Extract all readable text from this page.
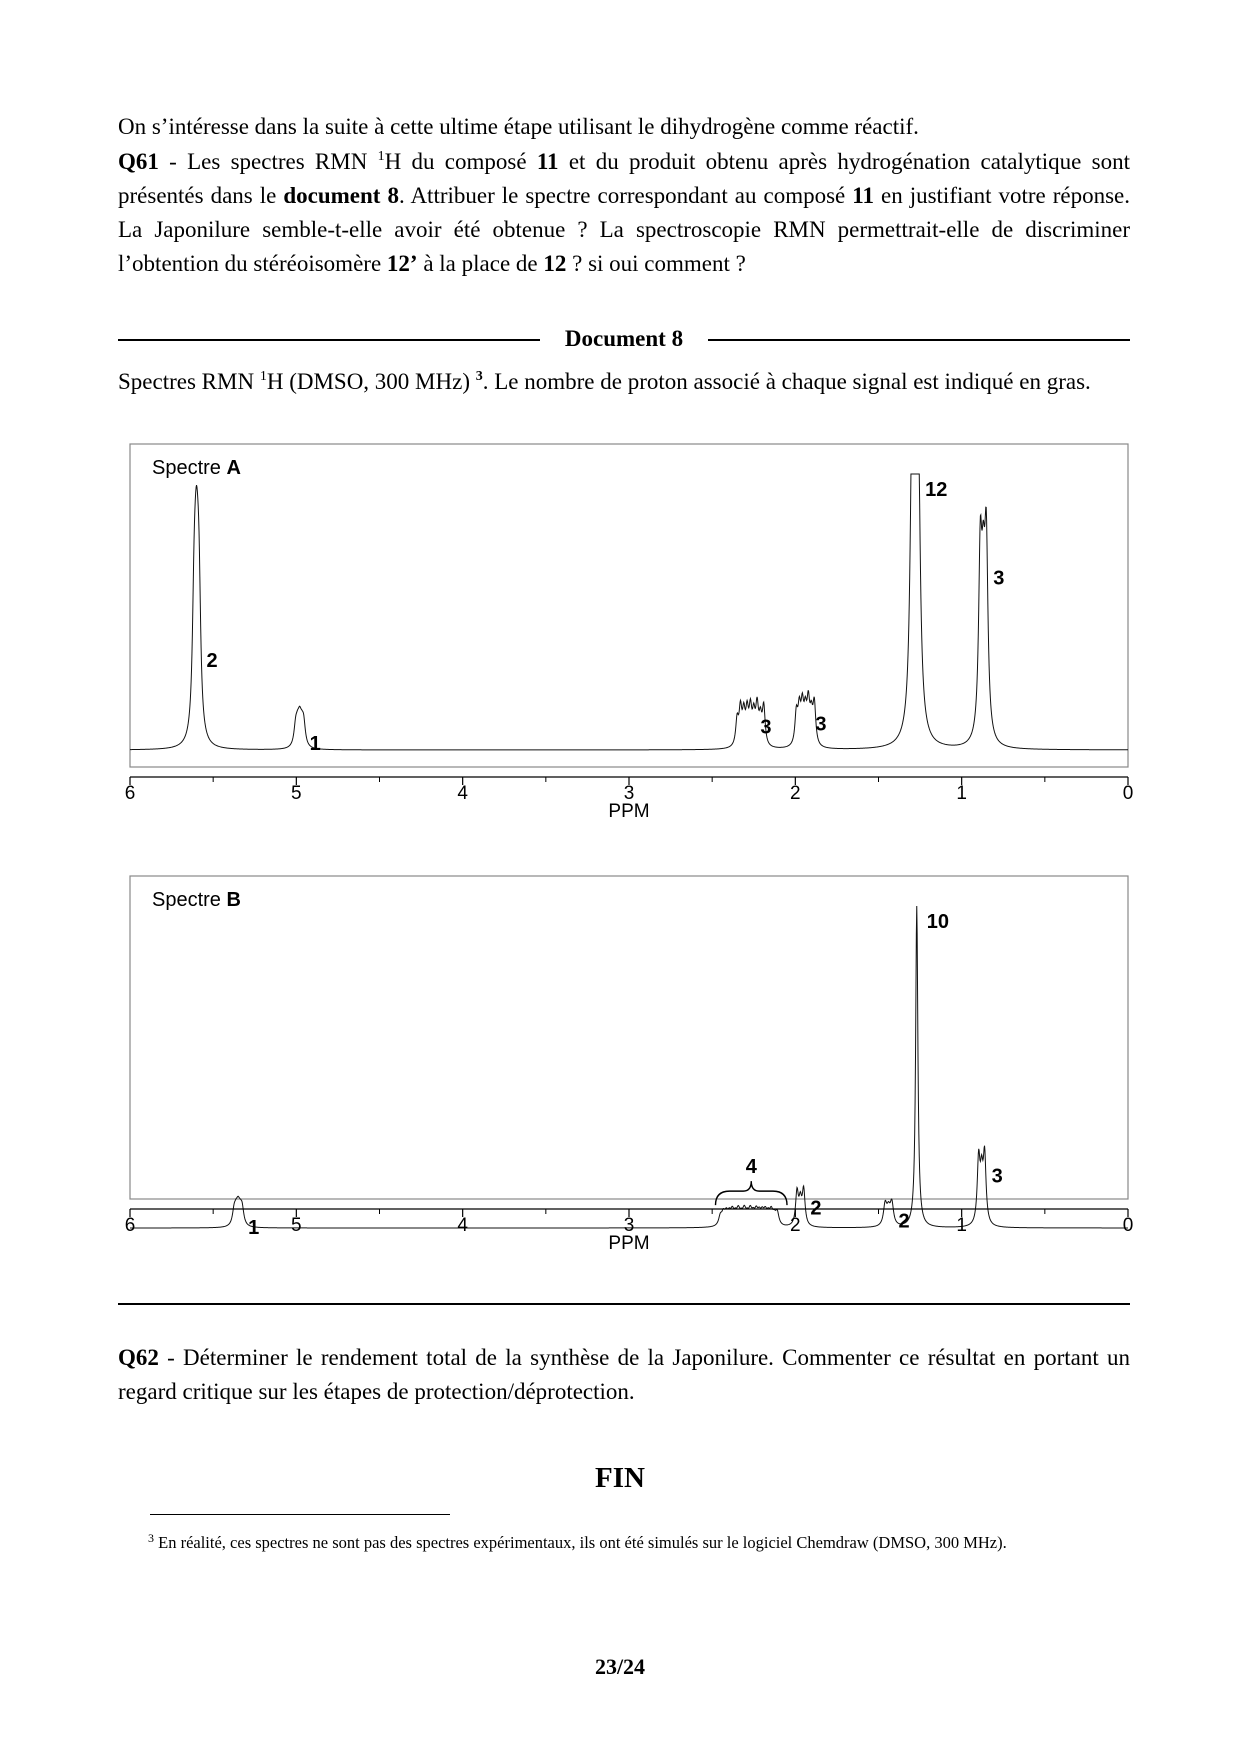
On s’intéresse dans la suite à cette ultime étape utilisant le dihydrogène comme réactif.

Q61 - Les spectres RMN $^1$H du composé 11 et du produit obtenu après hydrogénation catalytique sont présentés dans le document 8. Attribuer le spectre correspondant au composé 11 en justifiant votre réponse. La Japonilure semble-t-elle avoir été obtenue ? La spectroscopie RMN permettrait-elle de discriminer l’obtention du stéréoisomère 12’ à la place de 12 ? si oui comment ?

Document 8

Spectres RMN $^1$H (DMSO, 300 MHz) $^3$. Le nombre de proton associé à chaque signal est indiqué en gras.

6	5	4	3	2	1	0
PPM
Spectre A
2
1
3 3
12
3
6	5	4	3	2	1	0
PPM
Spectre B
1
4
2
2
10
3

Q62 - Déterminer le rendement total de la synthèse de la Japonilure. Commenter ce résultat en portant un regard critique sur les étapes de protection/déprotection.

FIN
$^3$ En réalité, ces spectres ne sont pas des spectres expérimentaux, ils ont été simulés sur le logiciel Chemdraw (DMSO, 300 MHz).
23/24
